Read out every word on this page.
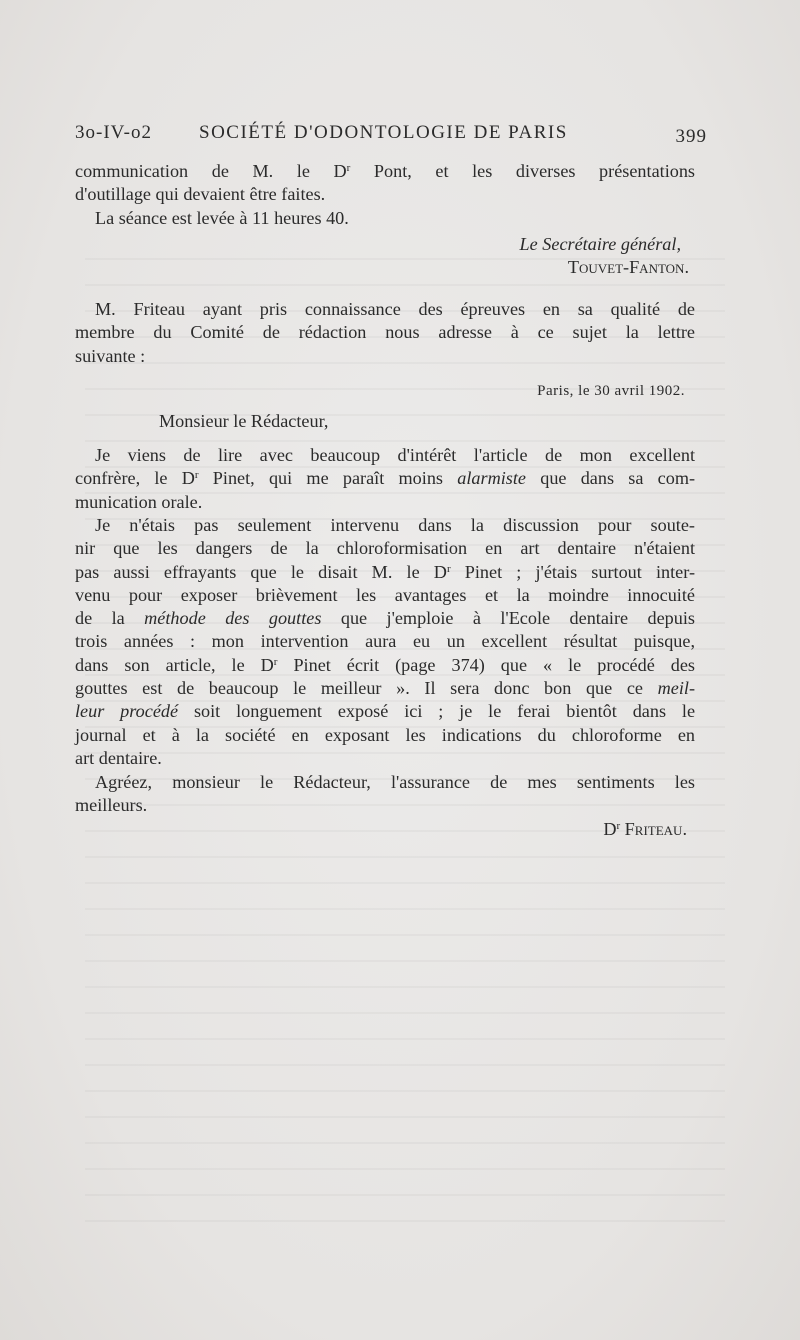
3o-IV-o2 SOCIÉTÉ D'ODONTOLOGIE DE PARIS	399
communication de M. le $D^r$ Pont, et les diverses présentations
d'outillage qui devaient être faites.
La séance est levée à 11 heures 40.
Le Secrétaire général,
Touvet-Fanton.
M. Friteau ayant pris connaissance des épreuves en sa qualité de
membre du Comité de rédaction nous adresse à ce sujet la lettre
suivante :
Paris, le 30 avril 1902.
Monsieur le Rédacteur,
Je viens de lire avec beaucoup d'intérêt l'article de mon excellent
confrère, le $D^r$ Pinet, qui me paraît moins alarmiste que dans sa com-
munication orale.
Je n'étais pas seulement intervenu dans la discussion pour soute-
nir que les dangers de la chloroformisation en art dentaire n'étaient
pas aussi effrayants que le disait M. le $D^r$ Pinet ; j'étais surtout inter-
venu pour exposer brièvement les avantages et la moindre innocuité
de la méthode des gouttes que j'emploie à l'Ecole dentaire depuis
trois années : mon intervention aura eu un excellent résultat puisque,
dans son article, le $D^r$ Pinet écrit (page 374) que « le procédé des
gouttes est de beaucoup le meilleur ». Il sera donc bon que ce meil-
leur procédé soit longuement exposé ici ; je le ferai bientôt dans le
journal et à la société en exposant les indications du chloroforme en
art dentaire.
Agréez, monsieur le Rédacteur, l'assurance de mes sentiments les
meilleurs.
$D^r$ Friteau.
